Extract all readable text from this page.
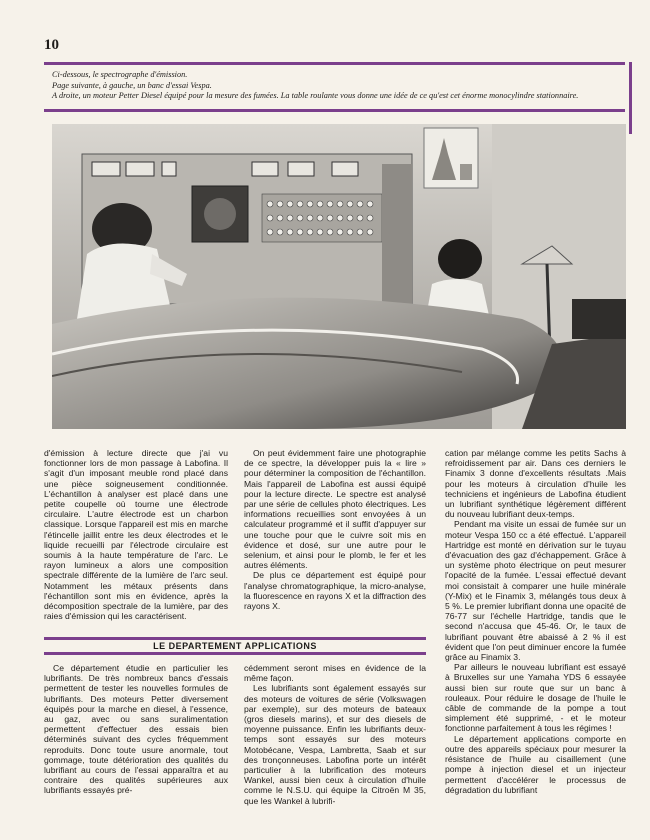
10

Ci-dessous, le spectrographe d'émission.

Page suivante, à gauche, un banc d'essai Vespa.

A droite, un moteur Petter Diesel équipé pour la mesure des fumées. La table roulante vous donne une idée de ce qu'est cet énorme monocylindre stationnaire.

d'émission à lecture directe que j'ai vu fonctionner lors de mon passage à Labofina. Il s'agit d'un imposant meuble rond placé dans une pièce soigneusement conditionnée. L'échantillon à analyser est placé dans une petite coupelle où tourne une électrode circulaire. L'autre électrode est un charbon classique. Lorsque l'appareil est mis en marche l'étincelle jaillit entre les deux électrodes et le liquide recueilli par l'électrode circulaire est soumis à la haute température de l'arc. Le rayon lumineux a alors une composition spectrale différente de la lumière de l'arc seul. Notamment les métaux présents dans l'échantillon sont mis en évidence, après la décomposition spectrale de la lumière, par des raies d'émission qui les caractérisent.

On peut évidemment faire une photographie de ce spectre, la développer puis la « lire » pour déterminer la composition de l'échantillon. Mais l'appareil de Labofina est aussi équipé pour la lecture directe. Le spectre est analysé par une série de cellules photo électriques. Les informations recueillies sont envoyées à un calculateur programmé et il suffit d'appuyer sur une touche pour que le cuivre soit mis en évidence et dosé, sur une autre pour le selenium, et ainsi pour le plomb, le fer et les autres éléments.

De plus ce département est équipé pour l'analyse chromatographique, la micro-analyse, la fluorescence en rayons X et la diffraction des rayons X.

cation par mélange comme les petits Sachs à refroidissement par air. Dans ces derniers le Finamix 3 donne d'excellents résultats .Mais pour les moteurs à circulation d'huile les techniciens et ingénieurs de Labofina étudient un lubrifiant synthétique légèrement différent du nouveau lubrifiant deux-temps.

Pendant ma visite un essai de fumée sur un moteur Vespa 150 cc a été effectué. L'appareil Hartridge est monté en dérivation sur le tuyau d'évacuation des gaz d'échappement. Grâce à un système photo électrique on peut mesurer l'opacité de la fumée. L'essai effectué devant moi consistait à comparer une huile minérale (Y-Mix) et le Finamix 3, mélangés tous deux à 5 %. Le premier lubrifiant donna une opacité de 76-77 sur l'échelle Hartridge, tandis que le second n'accusa que 45-46. Or, le taux de lubrifiant pouvant être abaissé à 2 % il est évident que l'on peut diminuer encore la fumée grâce au Finamix 3.

Par ailleurs le nouveau lubrifiant est essayé à Bruxelles sur une Yamaha YDS 6 essayée aussi bien sur route que sur un banc à rouleaux. Pour réduire le dosage de l'huile le câble de commande de la pompe a tout simplement été supprimé, - et le moteur fonctionne parfaitement à tous les régimes !

Le département applications comporte en outre des appareils spéciaux pour mesurer la résistance de l'huile au cisaillement (une pompe à injection diesel et un injecteur permettent d'accélérer le processus de dégradation du lubrifiant

LE DEPARTEMENT APPLICATIONS

Ce département étudie en particulier les lubrifiants. De très nombreux bancs d'essais permettent de tester les nouvelles formules de lubrifiants. Des moteurs Petter diversement équipés pour la marche en diesel, à l'essence, au gaz, avec ou sans suralimentation permettent d'effectuer des essais bien déterminés suivant des cycles fréquemment reproduits. Donc toute usure anormale, tout gommage, toute détérioration des qualités du lubrifiant au cours de l'essai apparaîtra et au contraire des qualités supérieures aux lubrifiants essayés pré-

cédemment seront mises en évidence de la même façon.

Les lubrifiants sont également essayés sur des moteurs de voitures de série (Volkswagen par exemple), sur des moteurs de bateaux (gros diesels marins), et sur des diesels de moyenne puissance. Enfin les lubrifiants deux-temps sont essayés sur des moteurs Motobécane, Vespa, Lambretta, Saab et sur des tronçonneuses. Labofina porte un intérêt particulier à la lubrification des moteurs Wankel, aussi bien ceux à circulation d'huile comme le N.S.U. qui équipe la Citroën M 35, que les Wankel à lubrifi-
